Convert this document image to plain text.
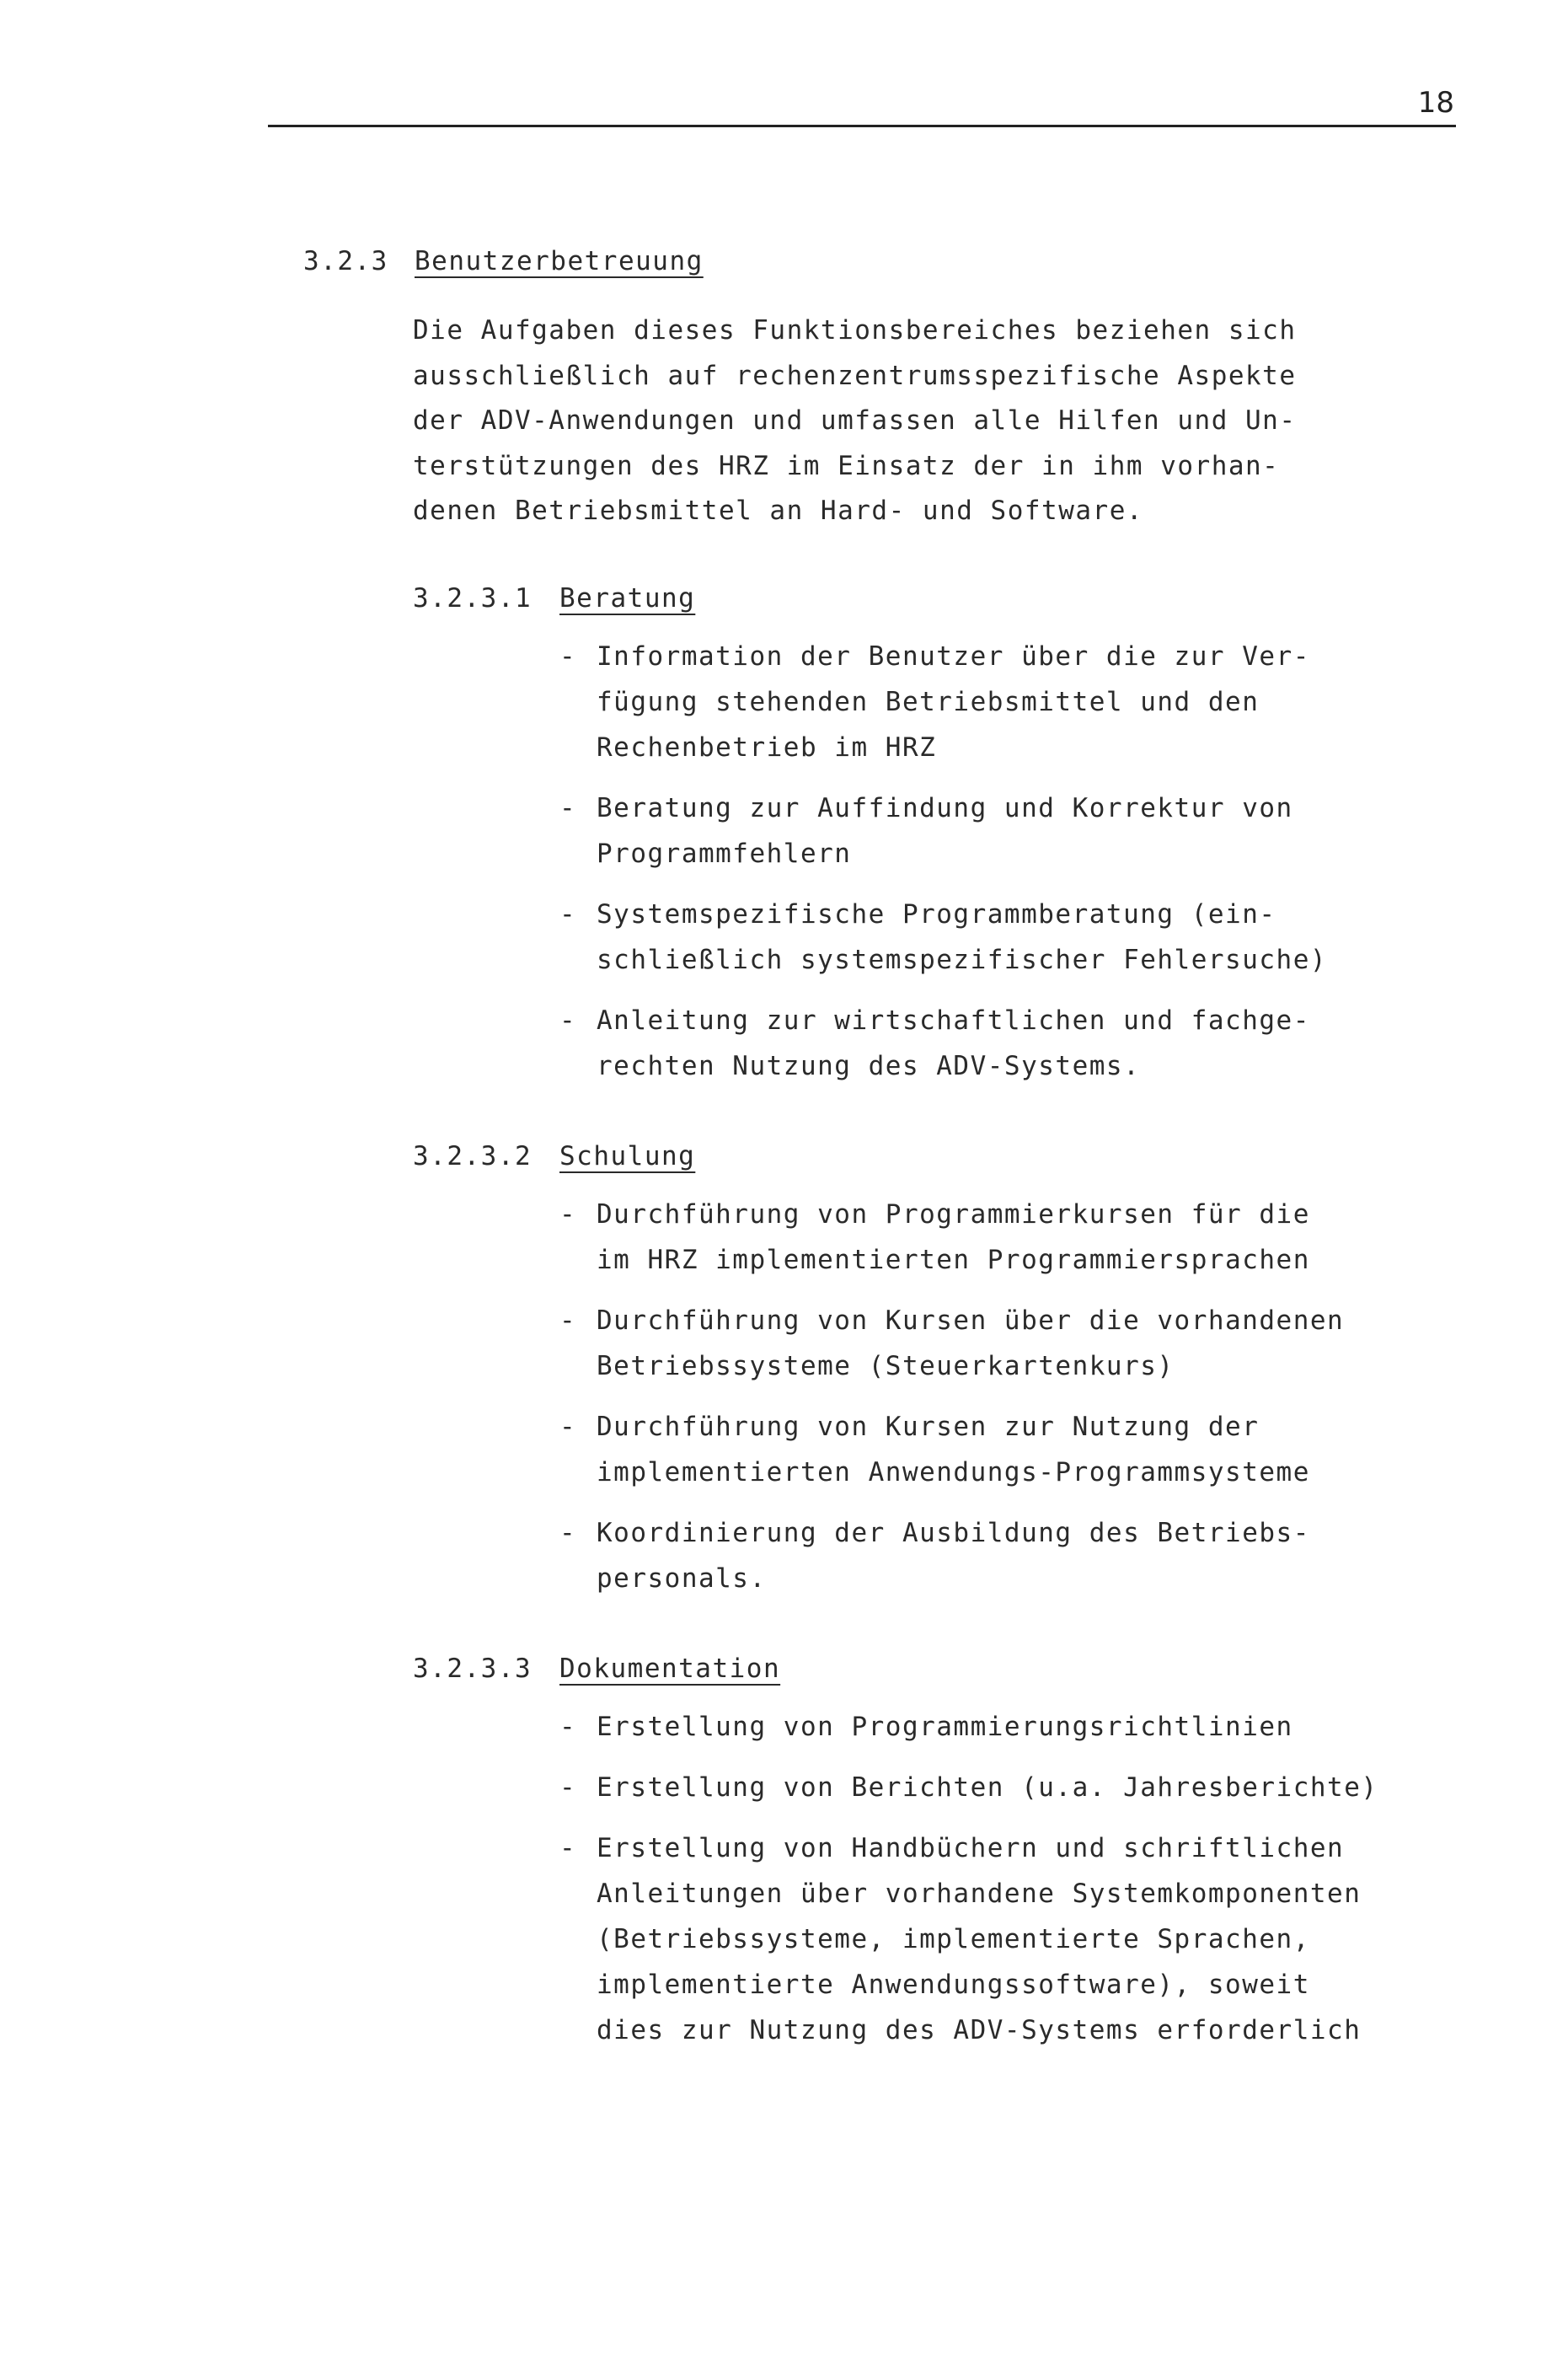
18
3.2.3 Benutzerbetreuung

Die Aufgaben dieses Funktionsbereiches beziehen sich
ausschließlich auf rechenzentrumsspezifische Aspekte
der ADV-Anwendungen und umfassen alle Hilfen und Un-
terstützungen des HRZ im Einsatz der in ihm vorhan-
denen Betriebsmittel an Hard- und Software.

3.2.3.1 Beratung
- Information der Benutzer über die zur Ver-
fügung stehenden Betriebsmittel und den
Rechenbetrieb im HRZ
- Beratung zur Auffindung und Korrektur von
Programmfehlern
- Systemspezifische Programmberatung (ein-
schließlich systemspezifischer Fehlersuche)
- Anleitung zur wirtschaftlichen und fachge-
rechten Nutzung des ADV-Systems.
3.2.3.2 Schulung
- Durchführung von Programmierkursen für die
im HRZ implementierten Programmiersprachen
- Durchführung von Kursen über die vorhandenen
Betriebssysteme (Steuerkartenkurs)
- Durchführung von Kursen zur Nutzung der
implementierten Anwendungs-Programmsysteme
- Koordinierung der Ausbildung des Betriebs-
personals.
3.2.3.3 Dokumentation
- Erstellung von Programmierungsrichtlinien
- Erstellung von Berichten (u.a. Jahresberichte)
- Erstellung von Handbüchern und schriftlichen
Anleitungen über vorhandene Systemkomponenten
(Betriebssysteme, implementierte Sprachen,
implementierte Anwendungssoftware), soweit
dies zur Nutzung des ADV-Systems erforderlich
